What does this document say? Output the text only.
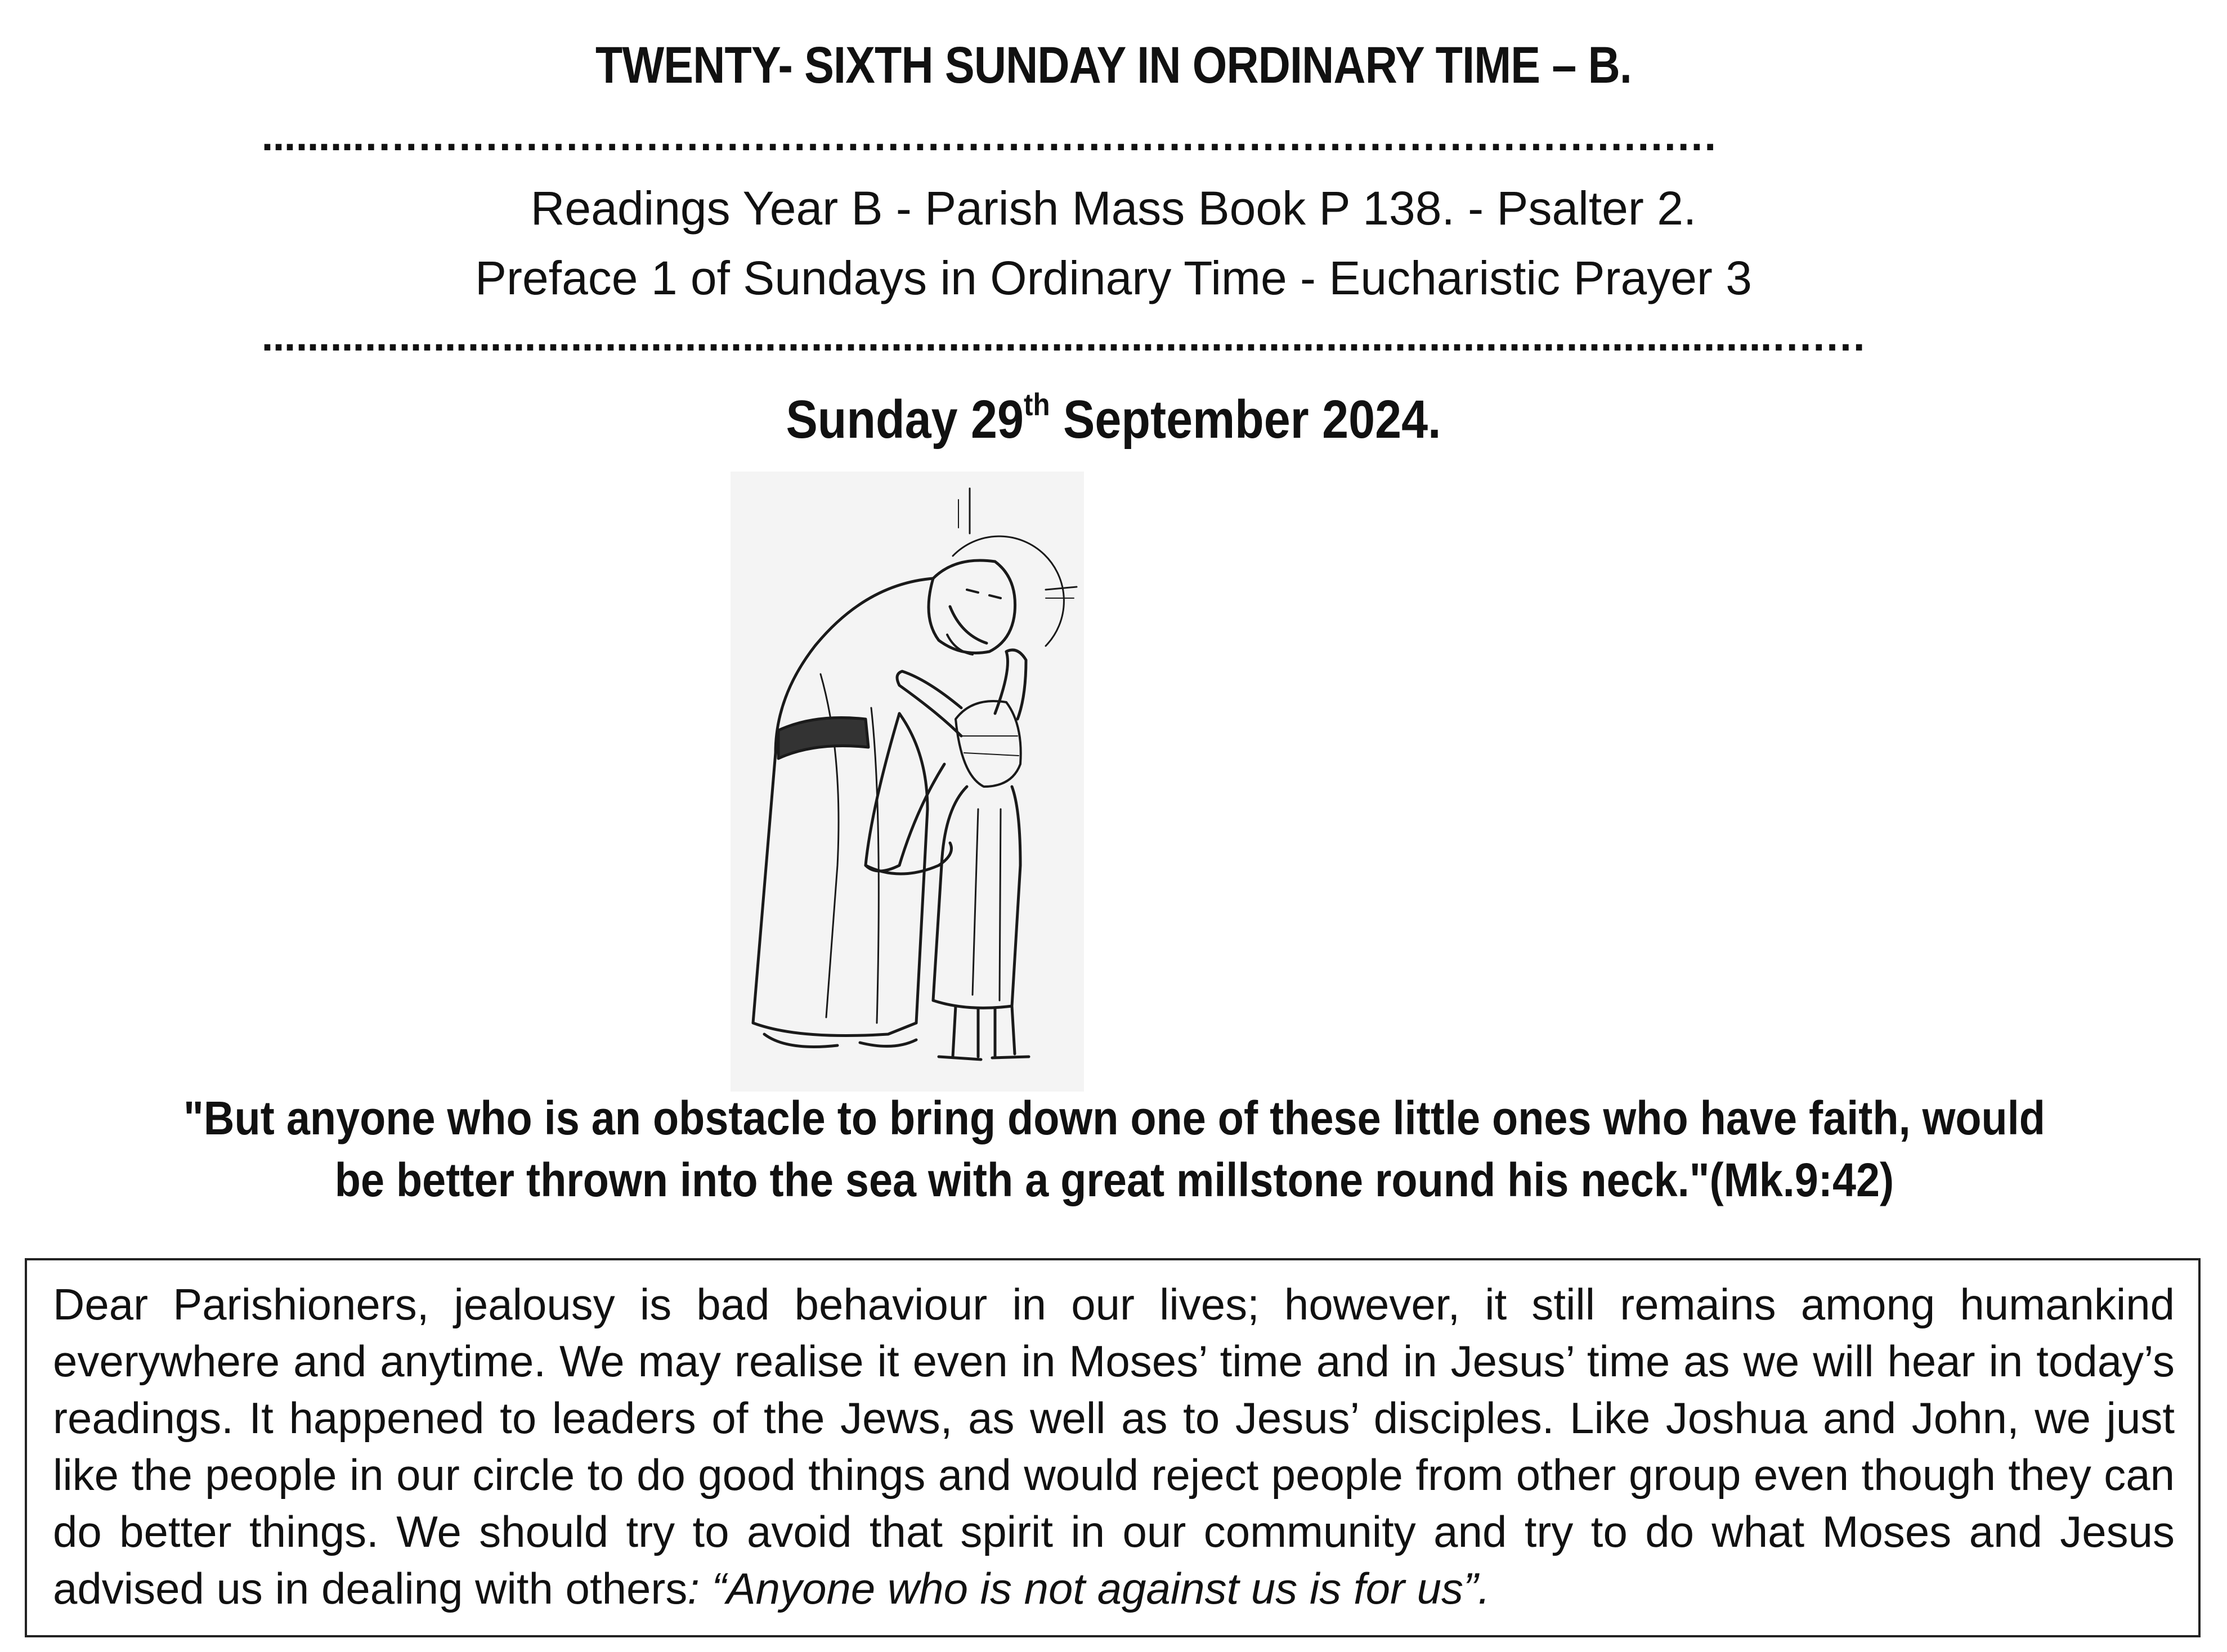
TWENTY- SIXTH SUNDAY IN ORDINARY TIME – B.
……….....................................................................................................
Readings Year B - Parish Mass Book P 138. - Psalter 2.
Preface 1 of Sundays in Ordinary Time - Eucharistic Prayer 3
…………………………………………………………………………………………………………………….......
Sunday 29th September 2024.
"But anyone who is an obstacle to bring down one of these little ones who have faith, would be better thrown into the sea with a great millstone round his neck."(Mk.9:42)

Dear Parishioners, jealousy is bad behaviour in our lives; however, it still remains among humankind everywhere and anytime. We may realise it even in Moses’ time and in Jesus’ time as we will hear in today’s readings. It happened to leaders of the Jews, as well as to Jesus’ disciples. Like Joshua and John, we just like the people in our circle to do good things and would reject people from other group even though they can do better things. We should try to avoid that spirit in our community and try to do what Moses and Jesus advised us in dealing with others: “Anyone who is not against us is for us”.
